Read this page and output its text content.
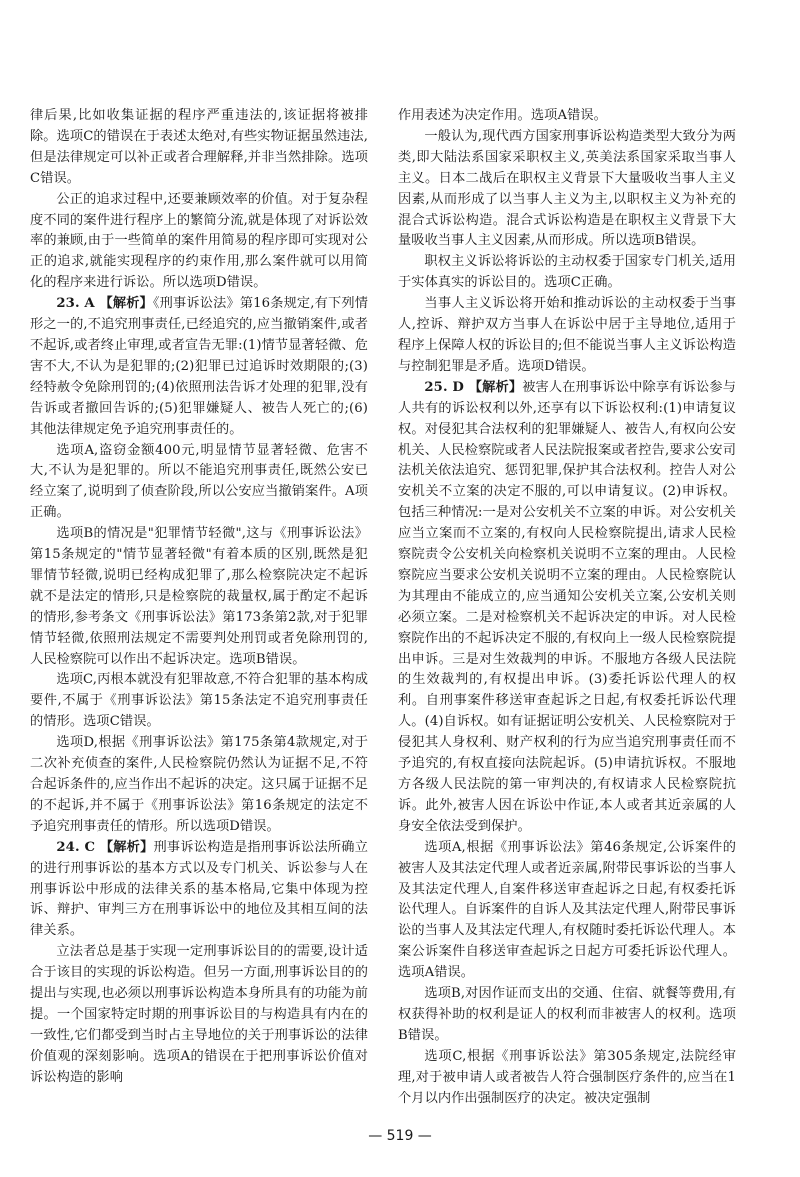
律后果,比如收集证据的程序严重违法的,该证据将被排除。选项C的错误在于表述太绝对,有些实物证据虽然违法,但是法律规定可以补正或者合理解释,并非当然排除。选项C错误。

公正的追求过程中,还要兼顾效率的价值。对于复杂程度不同的案件进行程序上的繁简分流,就是体现了对诉讼效率的兼顾,由于一些简单的案件用简易的程序即可实现对公正的追求,就能实现程序的约束作用,那么案件就可以用简化的程序来进行诉讼。所以选项D错误。

23. A 【解析】《刑事诉讼法》第16条规定,有下列情形之一的,不追究刑事责任,已经追究的,应当撤销案件,或者不起诉,或者终止审理,或者宣告无罪:(1)情节显著轻微、危害不大,不认为是犯罪的;(2)犯罪已过追诉时效期限的;(3)经特赦令免除刑罚的;(4)依照刑法告诉才处理的犯罪,没有告诉或者撤回告诉的;(5)犯罪嫌疑人、被告人死亡的;(6)其他法律规定免予追究刑事责任的。

选项A,盗窃金额400元,明显情节显著轻微、危害不大,不认为是犯罪的。所以不能追究刑事责任,既然公安已经立案了,说明到了侦查阶段,所以公安应当撤销案件。A项正确。

选项B的情况是"犯罪情节轻微",这与《刑事诉讼法》第15条规定的"情节显著轻微"有着本质的区别,既然是犯罪情节轻微,说明已经构成犯罪了,那么检察院决定不起诉就不是法定的情形,只是检察院的裁量权,属于酌定不起诉的情形,参考条文《刑事诉讼法》第173条第2款,对于犯罪情节轻微,依照刑法规定不需要判处刑罚或者免除刑罚的,人民检察院可以作出不起诉决定。选项B错误。

选项C,丙根本就没有犯罪故意,不符合犯罪的基本构成要件,不属于《刑事诉讼法》第15条法定不追究刑事责任的情形。选项C错误。

选项D,根据《刑事诉讼法》第175条第4款规定,对于二次补充侦查的案件,人民检察院仍然认为证据不足,不符合起诉条件的,应当作出不起诉的决定。这只属于证据不足的不起诉,并不属于《刑事诉讼法》第16条规定的法定不予追究刑事责任的情形。所以选项D错误。

24. C 【解析】刑事诉讼构造是指刑事诉讼法所确立的进行刑事诉讼的基本方式以及专门机关、诉讼参与人在刑事诉讼中形成的法律关系的基本格局,它集中体现为控诉、辩护、审判三方在刑事诉讼中的地位及其相互间的法律关系。

立法者总是基于实现一定刑事诉讼目的的需要,设计适合于该目的实现的诉讼构造。但另一方面,刑事诉讼目的的提出与实现,也必须以刑事诉讼构造本身所具有的功能为前提。一个国家特定时期的刑事诉讼目的与构造具有内在的一致性,它们都受到当时占主导地位的关于刑事诉讼的法律价值观的深刻影响。选项A的错误在于把刑事诉讼价值对诉讼构造的影响

作用表述为决定作用。选项A错误。

一般认为,现代西方国家刑事诉讼构造类型大致分为两类,即大陆法系国家采职权主义,英美法系国家采取当事人主义。日本二战后在职权主义背景下大量吸收当事人主义因素,从而形成了以当事人主义为主,以职权主义为补充的混合式诉讼构造。混合式诉讼构造是在职权主义背景下大量吸收当事人主义因素,从而形成。所以选项B错误。

职权主义诉讼将诉讼的主动权委于国家专门机关,适用于实体真实的诉讼目的。选项C正确。

当事人主义诉讼将开始和推动诉讼的主动权委于当事人,控诉、辩护双方当事人在诉讼中居于主导地位,适用于程序上保障人权的诉讼目的;但不能说当事人主义诉讼构造与控制犯罪是矛盾。选项D错误。

25. D 【解析】被害人在刑事诉讼中除享有诉讼参与人共有的诉讼权利以外,还享有以下诉讼权利:(1)申请复议权。对侵犯其合法权利的犯罪嫌疑人、被告人,有权向公安机关、人民检察院或者人民法院报案或者控告,要求公安司法机关依法追究、惩罚犯罪,保护其合法权利。控告人对公安机关不立案的决定不服的,可以申请复议。(2)申诉权。包括三种情况:一是对公安机关不立案的申诉。对公安机关应当立案而不立案的,有权向人民检察院提出,请求人民检察院责令公安机关向检察机关说明不立案的理由。人民检察院应当要求公安机关说明不立案的理由。人民检察院认为其理由不能成立的,应当通知公安机关立案,公安机关则必须立案。二是对检察机关不起诉决定的申诉。对人民检察院作出的不起诉决定不服的,有权向上一级人民检察院提出申诉。三是对生效裁判的申诉。不服地方各级人民法院的生效裁判的,有权提出申诉。(3)委托诉讼代理人的权利。自刑事案件移送审查起诉之日起,有权委托诉讼代理人。(4)自诉权。如有证据证明公安机关、人民检察院对于侵犯其人身权利、财产权利的行为应当追究刑事责任而不予追究的,有权直接向法院起诉。(5)申请抗诉权。不服地方各级人民法院的第一审判决的,有权请求人民检察院抗诉。此外,被害人因在诉讼中作证,本人或者其近亲属的人身安全依法受到保护。

选项A,根据《刑事诉讼法》第46条规定,公诉案件的被害人及其法定代理人或者近亲属,附带民事诉讼的当事人及其法定代理人,自案件移送审查起诉之日起,有权委托诉讼代理人。自诉案件的自诉人及其法定代理人,附带民事诉讼的当事人及其法定代理人,有权随时委托诉讼代理人。本案公诉案件自移送审查起诉之日起方可委托诉讼代理人。选项A错误。

选项B,对因作证而支出的交通、住宿、就餐等费用,有权获得补助的权利是证人的权利而非被害人的权利。选项B错误。

选项C,根据《刑事诉讼法》第305条规定,法院经审理,对于被申请人或者被告人符合强制医疗条件的,应当在1个月以内作出强制医疗的决定。被决定强制

— 519 —
